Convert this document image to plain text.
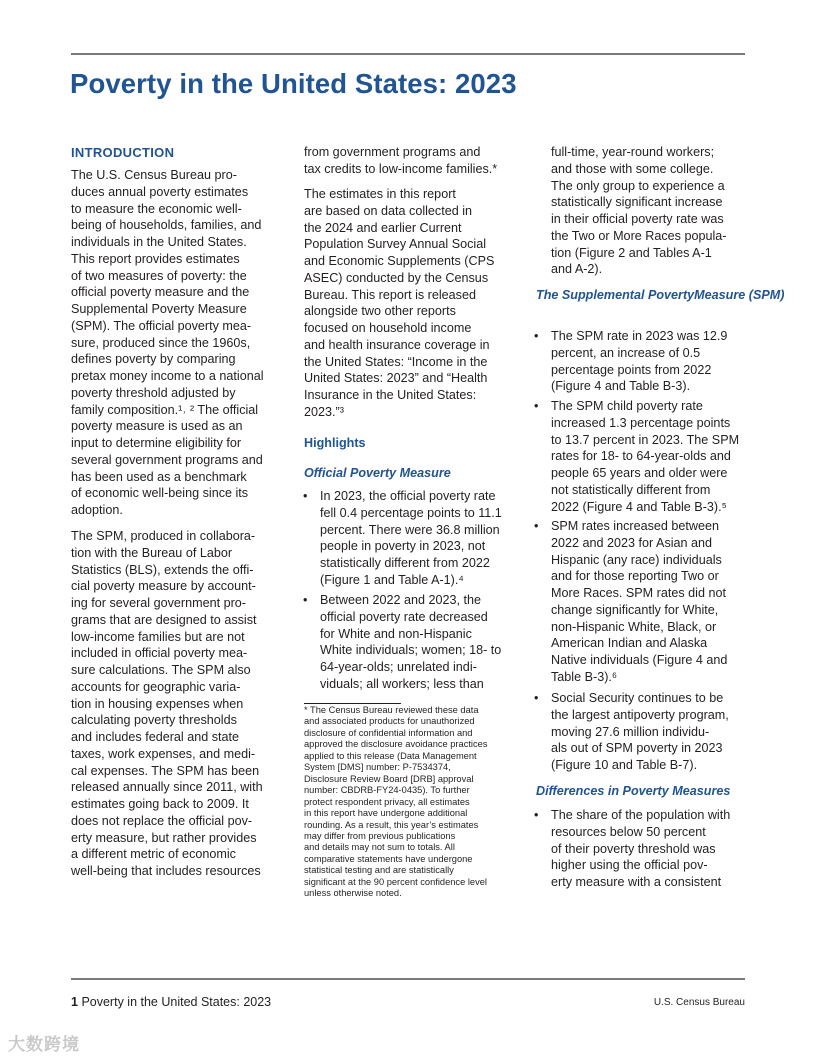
Poverty in the United States: 2023
INTRODUCTION
The U.S. Census Bureau pro-
duces annual poverty estimates
to measure the economic well-
being of households, families, and
individuals in the United States.
This report provides estimates
of two measures of poverty: the
official poverty measure and the
Supplemental Poverty Measure
(SPM). The official poverty mea-
sure, produced since the 1960s,
defines poverty by comparing
pretax money income to a national
poverty threshold adjusted by
family composition.¹˒ ² The official
poverty measure is used as an
input to determine eligibility for
several government programs and
has been used as a benchmark
of economic well-being since its
adoption.
The SPM, produced in collabora-
tion with the Bureau of Labor
Statistics (BLS), extends the offi-
cial poverty measure by account-
ing for several government pro-
grams that are designed to assist
low-income families but are not
included in official poverty mea-
sure calculations. The SPM also
accounts for geographic varia-
tion in housing expenses when
calculating poverty thresholds
and includes federal and state
taxes, work expenses, and medi-
cal expenses. The SPM has been
released annually since 2011, with
estimates going back to 2009. It
does not replace the official pov-
erty measure, but rather provides
a different metric of economic
well-being that includes resources
from government programs and
tax credits to low-income families.*
The estimates in this report
are based on data collected in
the 2024 and earlier Current
Population Survey Annual Social
and Economic Supplements (CPS
ASEC) conducted by the Census
Bureau. This report is released
alongside two other reports
focused on household income
and health insurance coverage in
the United States: “Income in the
United States: 2023” and “Health
Insurance in the United States:
2023.”³
Highlights
Official Poverty Measure
• In 2023, the official poverty rate
fell 0.4 percentage points to 11.1
percent. There were 36.8 million
people in poverty in 2023, not
statistically different from 2022
(Figure 1 and Table A-1).⁴
• Between 2022 and 2023, the
official poverty rate decreased
for White and non-Hispanic
White individuals; women; 18- to
64-year-olds; unrelated indi-
viduals; all workers; less than
* The Census Bureau reviewed these data
and associated products for unauthorized
disclosure of confidential information and
approved the disclosure avoidance practices
applied to this release (Data Management
System [DMS] number: P-7534374,
Disclosure Review Board [DRB] approval
number: CBDRB-FY24-0435). To further
protect respondent privacy, all estimates
in this report have undergone additional
rounding. As a result, this year’s estimates
may differ from previous publications
and details may not sum to totals. All
comparative statements have undergone
statistical testing and are statistically
significant at the 90 percent confidence level
unless otherwise noted.
full-time, year-round workers;
and those with some college.
The only group to experience a
statistically significant increase
in their official poverty rate was
the Two or More Races popula-
tion (Figure 2 and Tables A-1
and A-2).
The Supplemental PovertyMeasure (SPM)
• The SPM rate in 2023 was 12.9
percent, an increase of 0.5
percentage points from 2022
(Figure 4 and Table B-3).
• The SPM child poverty rate
increased 1.3 percentage points
to 13.7 percent in 2023. The SPM
rates for 18- to 64-year-olds and
people 65 years and older were
not statistically different from
2022 (Figure 4 and Table B-3).⁵
• SPM rates increased between
2022 and 2023 for Asian and
Hispanic (any race) individuals
and for those reporting Two or
More Races. SPM rates did not
change significantly for White,
non-Hispanic White, Black, or
American Indian and Alaska
Native individuals (Figure 4 and
Table B-3).⁶
• Social Security continues to be
the largest antipoverty program,
moving 27.6 million individu-
als out of SPM poverty in 2023
(Figure 10 and Table B-7).
Differences in Poverty Measures
• The share of the population with
resources below 50 percent
of their poverty threshold was
higher using the official pov-
erty measure with a consistent
1 Poverty in the United States: 2023	U.S. Census Bureau
大数跨境
